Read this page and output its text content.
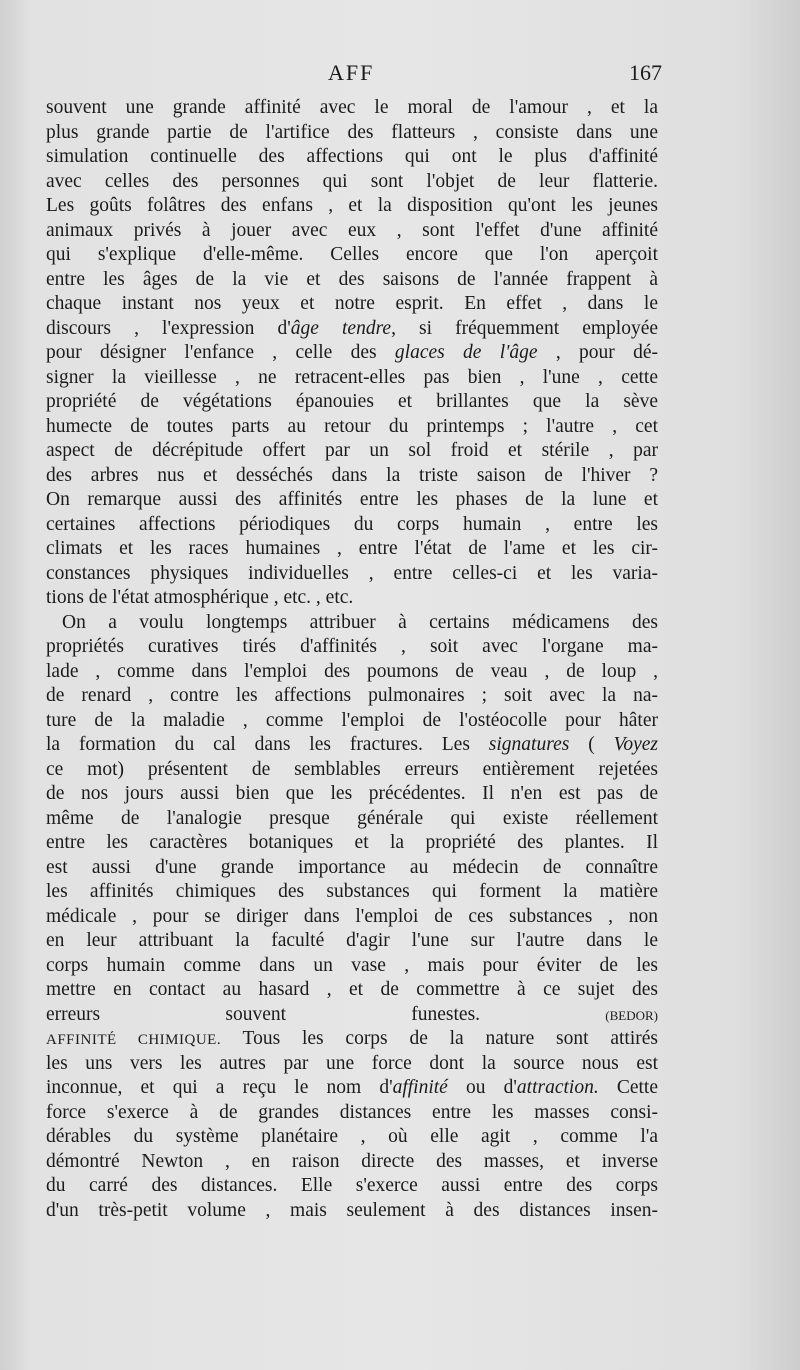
AFF	167
souvent une grande affinité avec le moral de l'amour , et la
plus grande partie de l'artifice des flatteurs , consiste dans une
simulation continuelle des affections qui ont le plus d'affinité
avec celles des personnes qui sont l'objet de leur flatterie.
Les goûts folâtres des enfans , et la disposition qu'ont les jeunes
animaux privés à jouer avec eux , sont l'effet d'une affinité
qui s'explique d'elle-même. Celles encore que l'on aperçoit
entre les âges de la vie et des saisons de l'année frappent à
chaque instant nos yeux et notre esprit. En effet , dans le
discours , l'expression d'âge tendre, si fréquemment employée
pour désigner l'enfance , celle des glaces de l'âge , pour dé-
signer la vieillesse , ne retracent-elles pas bien , l'une , cette
propriété de végétations épanouies et brillantes que la sève
humecte de toutes parts au retour du printemps ; l'autre , cet
aspect de décrépitude offert par un sol froid et stérile , par
des arbres nus et desséchés dans la triste saison de l'hiver ?
On remarque aussi des affinités entre les phases de la lune et
certaines affections périodiques du corps humain , entre les
climats et les races humaines , entre l'état de l'ame et les cir-
constances physiques individuelles , entre celles-ci et les varia-
tions de l'état atmosphérique , etc. , etc.
On a voulu longtemps attribuer à certains médicamens des
propriétés curatives tirés d'affinités , soit avec l'organe ma-
lade , comme dans l'emploi des poumons de veau , de loup ,
de renard , contre les affections pulmonaires ; soit avec la na-
ture de la maladie , comme l'emploi de l'ostéocolle pour hâter
la formation du cal dans les fractures. Les signatures ( Voyez
ce mot) présentent de semblables erreurs entièrement rejetées
de nos jours aussi bien que les précédentes. Il n'en est pas de
même de l'analogie presque générale qui existe réellement
entre les caractères botaniques et la propriété des plantes. Il
est aussi d'une grande importance au médecin de connaître
les affinités chimiques des substances qui forment la matière
médicale , pour se diriger dans l'emploi de ces substances , non
en leur attribuant la faculté d'agir l'une sur l'autre dans le
corps humain comme dans un vase , mais pour éviter de les
mettre en contact au hasard , et de commettre à ce sujet des
erreurs souvent funestes.	(BEDOR)
AFFINITÉ CHIMIQUE. Tous les corps de la nature sont attirés
les uns vers les autres par une force dont la source nous est
inconnue, et qui a reçu le nom d'affinité ou d'attraction. Cette
force s'exerce à de grandes distances entre les masses consi-
dérables du système planétaire , où elle agit , comme l'a
démontré Newton , en raison directe des masses, et inverse
du carré des distances. Elle s'exerce aussi entre des corps
d'un très-petit volume , mais seulement à des distances insen-
